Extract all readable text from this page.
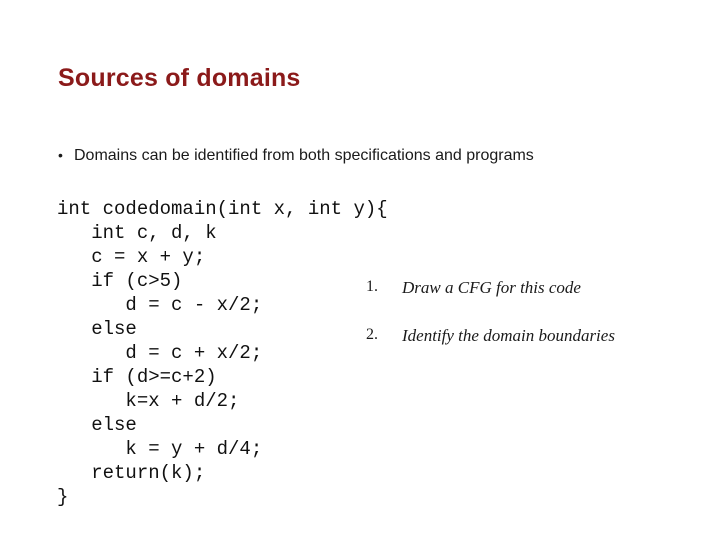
Sources of domains
• Domains can be identified from both specifications and programs
int codedomain(int x, int y){
int c, d, k
c = x + y;
if (c>5)
d = c - x/2;
else
d = c + x/2;
if (d>=c+2)
k=x + d/2;
else
k = y + d/4;
return(k);
}
1. Draw a CFG for this code
2. Identify the domain boundaries
